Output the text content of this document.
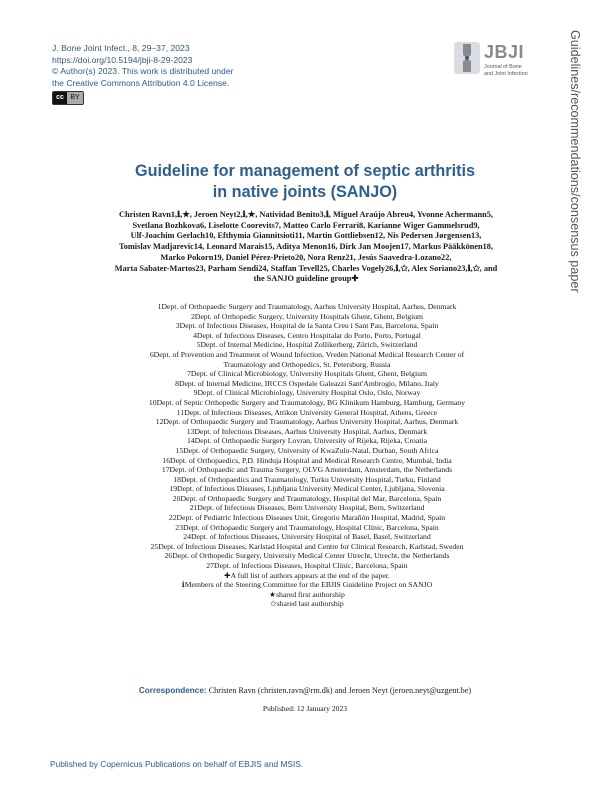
J. Bone Joint Infect., 8, 29–37, 2023
https://doi.org/10.5194/jbji-8-29-2023
© Author(s) 2023. This work is distributed under
the Creative Commons Attribution 4.0 License.
cc BY
JBJI
Journal of Bone
and Joint Infection	Guidelines/recommendations/consensus paper
Guideline for management of septic arthritis
in native joints (SANJO)
Christen Ravn1,ℹ,★, Jeroen Neyt2,ℹ,★, Natividad Benito3,ℹ, Miguel Araújo Abreu4, Yvonne Achermann5,
Svetlana Bozhkova6, Liselotte Coorevits7, Matteo Carlo Ferrari8, Karianne Wiger Gammelsrud9,
Ulf-Joachim Gerlach10, Efthymia Giannitsioti11, Martin Gottliebsen12, Nis Pedersen Jørgensen13,
Tomislav Madjarevic14, Leonard Marais15, Aditya Menon16, Dirk Jan Moojen17, Markus Pääkkönen18,
Marko Pokorn19, Daniel Pérez-Prieto20, Nora Renz21, Jesús Saavedra-Lozano22,
Marta Sabater-Martos23, Parham Sendi24, Staffan Tevell25, Charles Vogely26,ℹ,✩, Alex Soriano23,ℹ,✩, and
the SANJO guideline group✚
1Dept. of Orthopaedic Surgery and Traumatology, Aarhus University Hospital, Aarhus, Denmark
2Dept. of Orthopedic Surgery, University Hospitals Ghent, Ghent, Belgium
3Dept. of Infectious Diseases, Hospital de la Santa Creu i Sant Pau, Barcelona, Spain
4Dept. of Infectious Diseases, Centro Hospitalar do Porto, Porto, Portugal
5Dept. of Internal Medicine, Hospital Zollikerberg, Zürich, Switzerland
6Dept. of Prevention and Treatment of Wound Infection, Vreden National Medical Research Center of
Traumatology and Orthopedics, St. Petersburg, Russia
7Dept. of Clinical Microbiology, University Hospitals Ghent, Ghent, Belgium
8Dept. of Internal Medicine, IRCCS Ospedale Galeazzi Sant'Ambrogio, Milano, Italy
9Dept. of Clinical Microbiology, University Hospital Oslo, Oslo, Norway
10Dept. of Septic Orthopedic Surgery and Traumatology, BG Klinikum Hamburg, Hamburg, Germany
11Dept. of Infectious Diseases, Attikon University General Hospital, Athens, Greece
12Dept. of Orthopaedic Surgery and Traumatology, Aarhus University Hospital, Aarhus, Denmark
13Dept. of Infectious Diseases, Aarhus University Hospital, Aarhus, Denmark
14Dept. of Orthopaedic Surgery Lovran, University of Rijeka, Rijeka, Croatia
15Dept. of Orthopaedic Surgery, University of KwaZulu-Natal, Durban, South Africa
16Dept. of Orthopaedics, P.D. Hinduja Hospital and Medical Research Centre, Mumbai, India
17Dept. of Orthopaedic and Trauma Surgery, OLVG Amsterdam, Amsterdam, the Netherlands
18Dept. of Orthopaedics and Traumatology, Turku University Hospital, Turku, Finland
19Dept. of Infectious Diseases, Ljubljana University Medical Center, Ljubljana, Slovenia
20Dept. of Orthopaedic Surgery and Traumatology, Hospital del Mar, Barcelona, Spain
21Dept. of Infectious Diseases, Bern University Hospital, Bern, Switzerland
22Dept. of Pediatric Infectious Diseases Unit, Gregorio Marañón Hospital, Madrid, Spain
23Dept. of Orthopaedic Surgery and Traumatology, Hospital Clínic, Barcelona, Spain
24Dept. of Infectious Diseases, University Hospital of Basel, Basel, Switzerland
25Dept. of Infectious Diseases, Karlstad Hospital and Centre for Clinical Research, Karlstad, Sweden
26Dept. of Orthopedic Surgery, University Medical Center Utrecht, Utrecht, the Netherlands
27Dept. of Infectious Diseases, Hospital Clínic, Barcelona, Spain
✚A full list of authors appears at the end of the paper.
ℹMembers of the Steering Committee for the EBJIS Guideline Project on SANJO
★shared first authorship
✩shared last authorship
Correspondence: Christen Ravn (christen.ravn@rm.dk) and Jeroen Neyt (jeroen.neyt@uzgent.be)
Published: 12 January 2023
Published by Copernicus Publications on behalf of EBJIS and MSIS.
